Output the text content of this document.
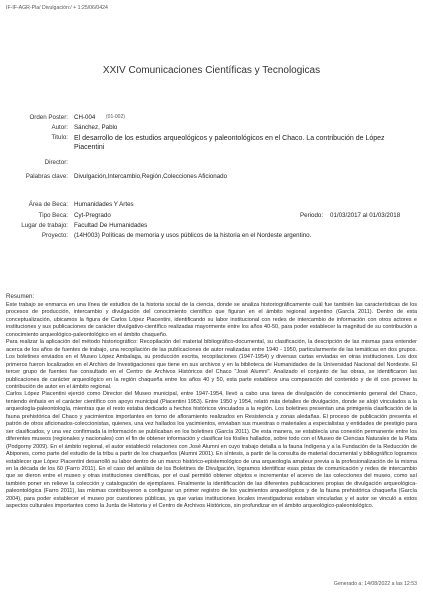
IF-IF-AGR-Pla/ Divulgación:/ + 1:25/06/0424
XXIV Comunicaciones Científicas y Tecnologicas
Orden Poster: CH-004 (01-002)
Autor: Sánchez, Pablo
Titulo: El desarrollo de los estudios arqueológicos y paleontológicos en el Chaco. La contribución de López Piacentini
Director:
Palabras clave: Divulgación,Intercambio,Región,Colecciones Aficionado
Área de Beca: Humanidades Y Artes
Tipo Beca: Cyt-Pregrado	Periodo: 01/03/2017 al 01/03/2018
Lugar de trabajo: Facultad De Humanidades
Proyecto: (14H003) Políticas de memoria y usos públicos de la historia en el Nordeste argentino.
Resumen:

Este trabajo se enmarca en una línea de estudios de la historia social de la ciencia, donde se analiza historiográficamente cuál fue también las características de los procesos de producción, intercambio y divulgación del conocimiento científico que figuran en el ámbito regional argentino (García 2011). Dentro de esta conceptualización, ubicamos la figura de Carlos López Piacentini, identificando su labor institucional con redes de intercambio de información con otros actores e instituciones y sus publicaciones de carácter divulgativo-científico realizadas mayormente entre los años 40-50, para poder establecer la magnitud de su contribución a conocimiento arqueológico-paleontológico en el ámbito chaqueño.

Para realizar la aplicación del método historiográfico: Recopilación del material bibliográfico-documental, su clasificación, la descripción de las mismas para entender acerca de los años de fuentes de trabajo, una recopilación de las publicaciones de autor realizadas entre 1940 - 1950, particularmente de las temáticas en dos grupos. Los boletines enviados en el Museo López Ambalaga, su producción escrita, recopilaciones (1947-1954) y diversas cartas enviadas en otras instituciones. Los dos primeros fueron localizados en el Archivo de Investigaciones que tiene en sus archivos y en la biblioteca de Humanidades de la Universidad Nacional del Nordeste. El tercer grupo de fuentes fue consultado en el Centro de Archivos Históricos del Chaco "José Alumni". Analizado el conjunto de las obras, se identificaron las publicaciones de carácter arqueológico en la región chaqueña entre los años 40 y 50, esta parte establece una comparación del contenido y de él con proveer la contribución de autor en el ámbito regional.

Carlos López Piacentini ejerció como Director del Museo municipal, entre 1947-1954, llevó a cabo una tarea de divulgación de conocimiento general del Chaco, teniendo énfasis en el carácter científico con apoyo municipal (Piacentini 1953). Entre 1950 y 1954, relató más detalles de divulgación, donde se alojó vinculados a la arqueología-paleontología, mientras que el resto estaba dedicado a hechos históricos vinculados a la región. Los boletines presentan una primigenia clasificación de la fauna prehistórica del Chaco y yacimientos importantes en torno de afloramiento realizados en Resistencia y zonas aledañas. El proceso de publicación presenta el patrón de otros aficionados-coleccionistas, quienes, una vez hallados los yacimientos, enviaban sus muestras o materiales a especialistas y entidades de prestigio para ser clasificados, y una vez confirmada la información se publicaban en los boletines (García 2011). De esta manera, se establecía una conexión permanente entre los diferentes museos (regionales y nacionales) con el fin de obtener información y clasificar los fósiles hallados, sobre todo con el Museo de Ciencias Naturales de la Plata (Podgorny 2009). En el ámbito regional, el autor estableció relaciones con José Alumni en cuyo trabajo detalla a la fauna Indígena y a la Fundación de la Reducción de Abipones, como parte del estudio de la tribu a partir de los chaqueños (Alumni 2001). En síntesis, a partir de la consulta de material documental y bibliográfico logramos establecer que López Piacentini desarrolló su labor dentro de un marco histórico-epistemológico de una arqueología amateur previa a la profesionalización de la misma en la década de los 60 (Farro 2011). En el caso del análisis de los Boletines de Divulgación, logramos identificar esas pistas de comunicación y redes de intercambio que se dieron entre el museo y otras instituciones científicas, por el cual permitió obtener objetos e incrementar el acervo de las colecciones del museo, como así también poner en relieve la colección y catalogación de ejemplares. Finalmente la identificación de las diferentes publicaciones propias de divulgación arqueológica-paleontológica (Farro 2011), las mismas contribuyeron a configurar un primer registro de los yacimientos arqueológicos y de la fauna prehistórica chaqueña (García 2004), para poder establecer el museo por cuestiones públicas, ya que varias instituciones locales investigadoras estaban vinculadas y el autor se vinculó a estos aspectos culturales importantes como la Junta de Historia y el Centro de Archivos Históricos, sin profundizar en el ámbito arqueológico-paleontológico.

Generado a: 14/08/2022 a las 12:53
